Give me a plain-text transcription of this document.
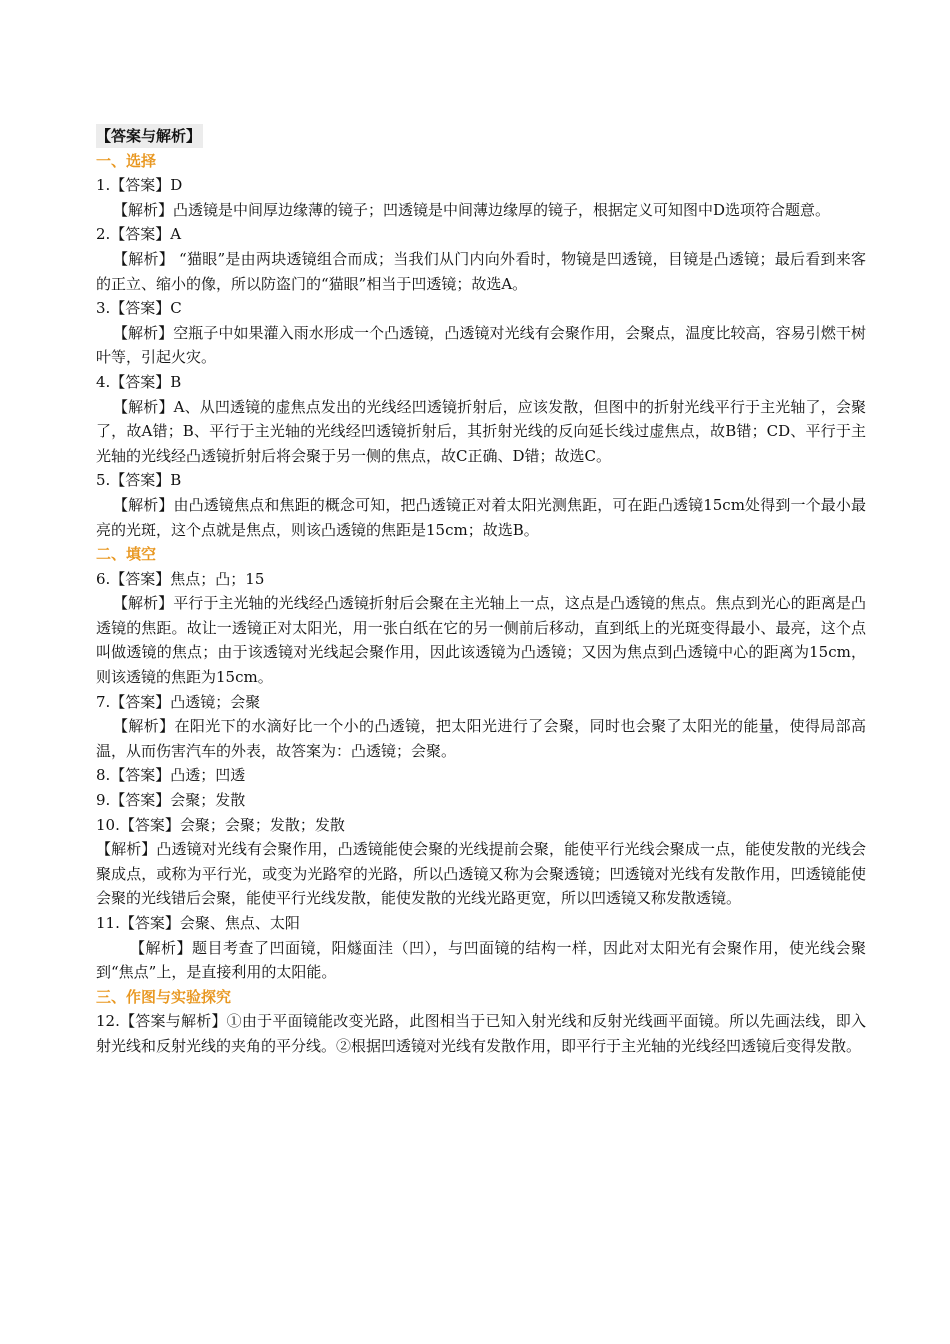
【答案与解析】
一、选择
1.【答案】D
【解析】凸透镜是中间厚边缘薄的镜子；凹透镜是中间薄边缘厚的镜子，根据定义可知图中D选项符合题意。
2.【答案】A
【解析】 “猫眼”是由两块透镜组合而成；当我们从门内向外看时，物镜是凹透镜，目镜是凸透镜；最后看到来客的正立、缩小的像，所以防盗门的“猫眼”相当于凹透镜；故选A。
3.【答案】C
【解析】空瓶子中如果灌入雨水形成一个凸透镜，凸透镜对光线有会聚作用，会聚点，温度比较高，容易引燃干树叶等，引起火灾。
4.【答案】B
【解析】A、从凹透镜的虚焦点发出的光线经凹透镜折射后，应该发散，但图中的折射光线平行于主光轴了，会聚了，故A错；B、平行于主光轴的光线经凹透镜折射后，其折射光线的反向延长线过虚焦点，故B错；CD、平行于主光轴的光线经凸透镜折射后将会聚于另一侧的焦点，故C正确、D错；故选C。
5.【答案】B
【解析】由凸透镜焦点和焦距的概念可知，把凸透镜正对着太阳光测焦距，可在距凸透镜15cm处得到一个最小最亮的光斑，这个点就是焦点，则该凸透镜的焦距是15cm；故选B。
二、填空
6.【答案】焦点；凸；15
【解析】平行于主光轴的光线经凸透镜折射后会聚在主光轴上一点，这点是凸透镜的焦点。焦点到光心的距离是凸透镜的焦距。故让一透镜正对太阳光，用一张白纸在它的另一侧前后移动，直到纸上的光斑变得最小、最亮，这个点叫做透镜的焦点；由于该透镜对光线起会聚作用，因此该透镜为凸透镜；又因为焦点到凸透镜中心的距离为15cm，则该透镜的焦距为15cm。
7.【答案】凸透镜；会聚
【解析】在阳光下的水滴好比一个小的凸透镜，把太阳光进行了会聚，同时也会聚了太阳光的能量，使得局部高温，从而伤害汽车的外表，故答案为：凸透镜；会聚。
8.【答案】凸透；凹透
9.【答案】会聚；发散
10.【答案】会聚；会聚；发散；发散
【解析】凸透镜对光线有会聚作用，凸透镜能使会聚的光线提前会聚，能使平行光线会聚成一点，能使发散的光线会聚成点，或称为平行光，或变为光路窄的光路，所以凸透镜又称为会聚透镜；凹透镜对光线有发散作用，凹透镜能使会聚的光线错后会聚，能使平行光线发散，能使发散的光线光路更宽，所以凹透镜又称发散透镜。
11.【答案】会聚、焦点、太阳
【解析】题目考查了凹面镜，阳燧面洼（凹），与凹面镜的结构一样，因此对太阳光有会聚作用，使光线会聚到“焦点”上，是直接利用的太阳能。
三、作图与实验探究
12.【答案与解析】①由于平面镜能改变光路，此图相当于已知入射光线和反射光线画平面镜。所以先画法线，即入射光线和反射光线的夹角的平分线。②根据凹透镜对光线有发散作用，即平行于主光轴的光线经凹透镜后变得发散。
